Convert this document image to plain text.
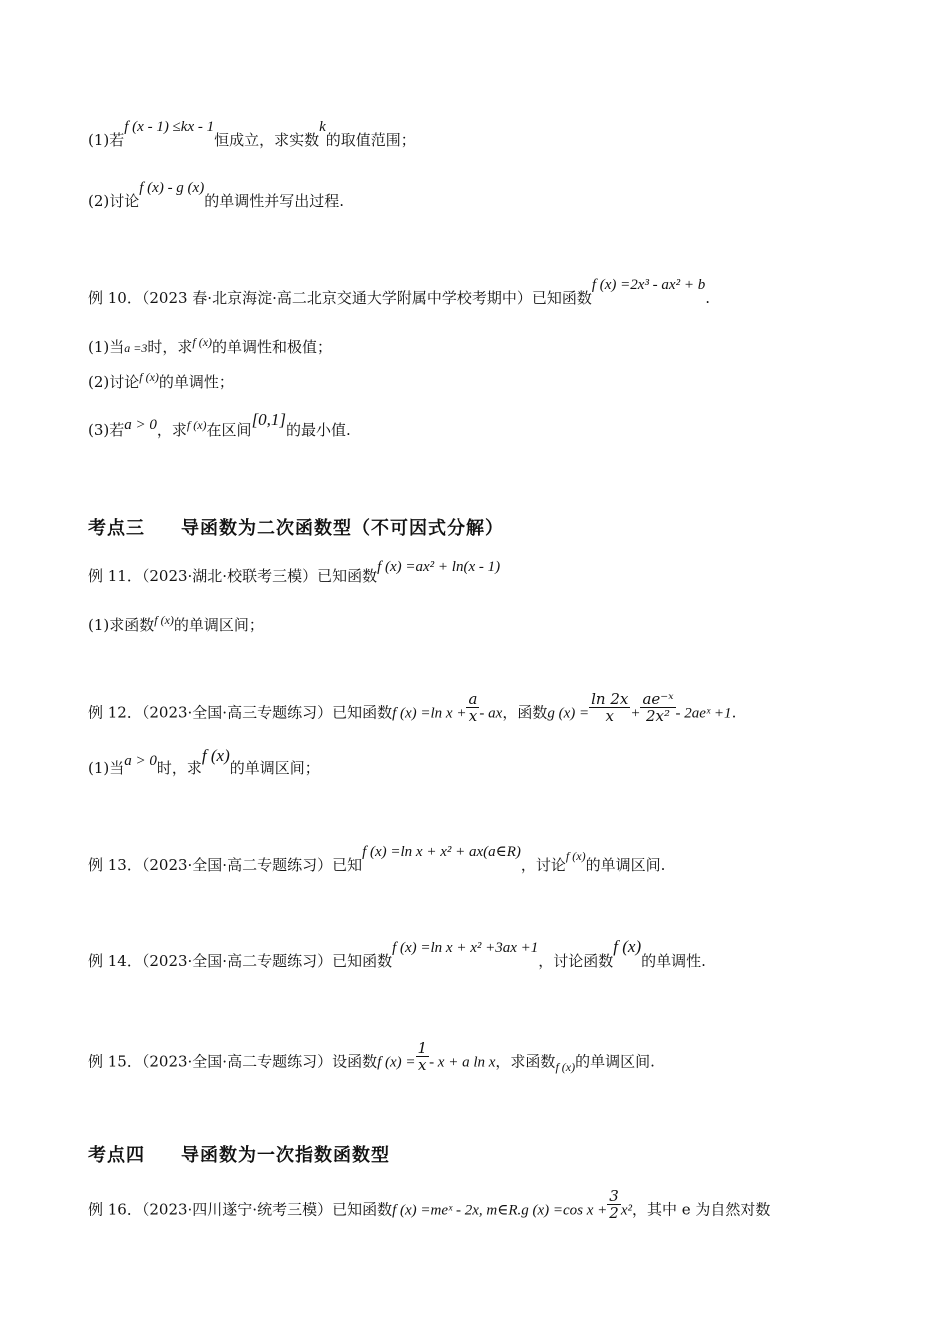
(1)若f (x - 1) ≤kx - 1恒成立，求实数k的取值范围；
(2)讨论f (x) - g (x)的单调性并写出过程.
例 10．（2023 春·北京海淀·高二北京交通大学附属中学校考期中）已知函数f (x) =2x³ - ax² + b.
(1)当a =3时，求$^{f (x)}$的单调性和极值；
(2)讨论$^{f (x)}$的单调性；
(3)若a > 0，求$^{f (x)}$在区间[0,1]的最小值.
考点三 导函数为二次函数型（不可因式分解）
例 11．（2023·湖北·校联考三模）已知函数f (x) =ax² + ln(x - 1)
(1)求函数$^{f (x)}$的单调区间；
例 12．（2023·全国·高三专题练习）已知函数f (x) =ln $x + \frac{a}{x}$ - ax，函数g $(x) = \frac{\ln 2x}{x} + \frac{\text{ae⁻ˣ}}{\text{2x²}}$ - 2aeˣ +1.
(1)当a > 0时，求f (x)的单调区间；
例 13．（2023·全国·高二专题练习）已知f (x) =ln x + x² + ax(a∈R)，讨论$^{f (x)}$的单调区间.
例 14．（2023·全国·高二专题练习）已知函数f (x) =ln x + x² +3ax +1，讨论函数f (x)的单调性.
例 15．（2023·全国·高二专题练习）设函数f $(x) = \frac{1}{x} - x + a$ ln x，求函数$_{f (x)}$的单调区间.
考点四 导函数为一次指数函数型
例 16．（2023·四川遂宁·统考三模）已知函数f (x) =meˣ - 2x, m∈R.g (x) =cos $x + \frac{3}{2} x^2$，其中 e 为自然对数
